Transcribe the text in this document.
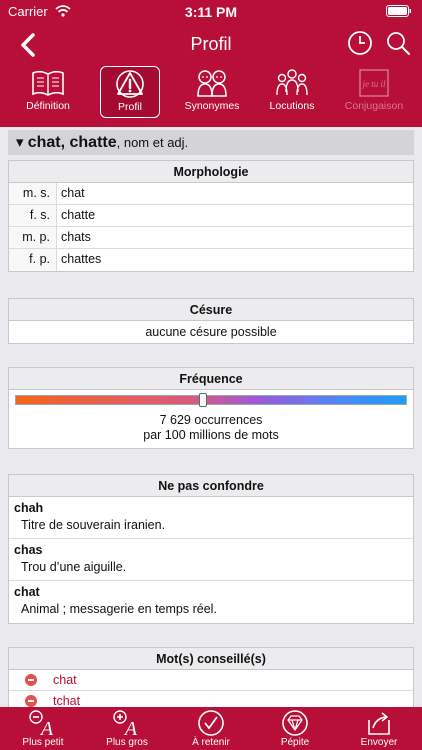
Carrier	3:11 PM
Profil
Définition	Profil	Synonymes	Locutions
je tu il
Conjugaison
▾ chat, chatte, nom et adj.
Morphologie
m. s. chat
f. s. chatte
m. p. chats
f. p. chattes
Césure
aucune césure possible
Fréquence
7 629 occurrences
par 100 millions de mots
Ne pas confondre
chah
Titre de souverain iranien.
chas
Trou d’une aiguille.
chat
Animal ; messagerie en temps réel.
Mot(s) conseillé(s)
chat
tchat
A
Plus petit
A
Plus gros	À retenir	Pépite	Envoyer
